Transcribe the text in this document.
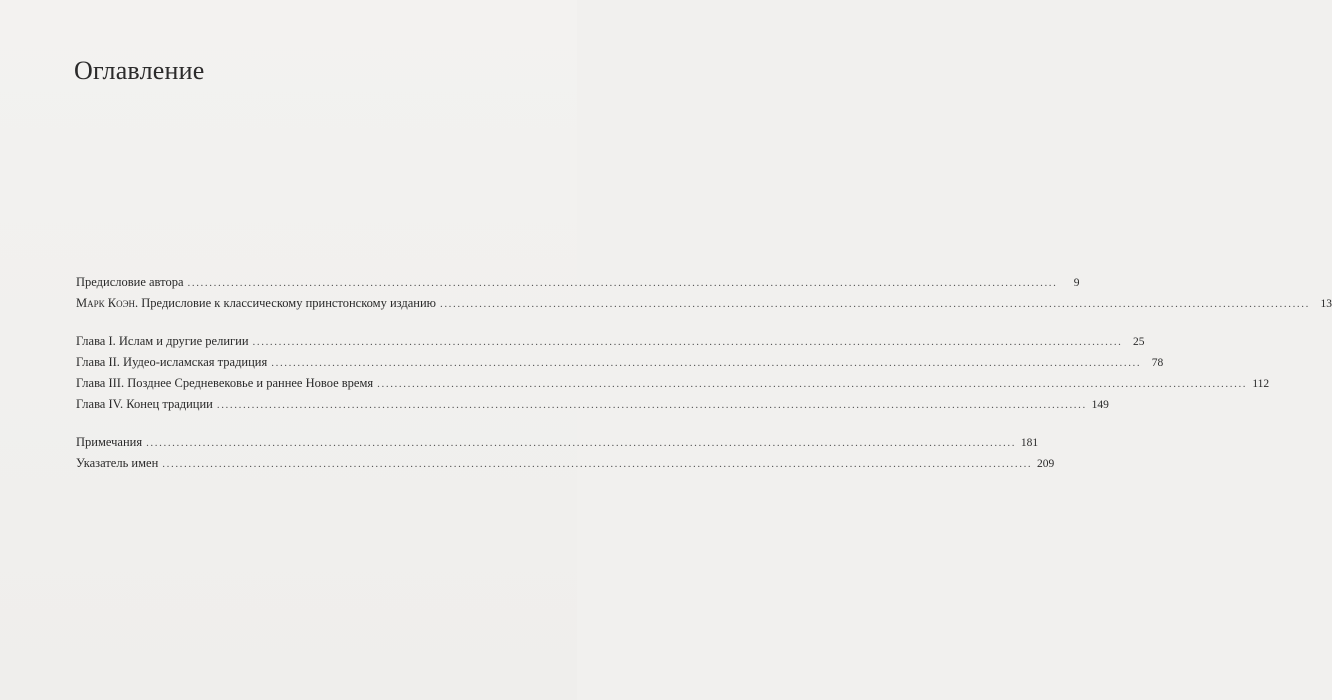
Оглавление
Предисловие автора ........................................................................................................................................................................................................	9
Марк Коэн. Предисловие к классическому принстонскому изданию ........................................................................................................................................................................................................ 13
Глава I. Ислам и другие религии ........................................................................................................................................................................................................ 25
Глава II. Иудео-исламская традиция ........................................................................................................................................................................................................ 78
Глава III. Позднее Средневековье и раннее Новое время ........................................................................................................................................................................................................ 112
Глава IV. Конец традиции ........................................................................................................................................................................................................ 149
Примечания ........................................................................................................................................................................................................ 181
Указатель имен ........................................................................................................................................................................................................ 209
